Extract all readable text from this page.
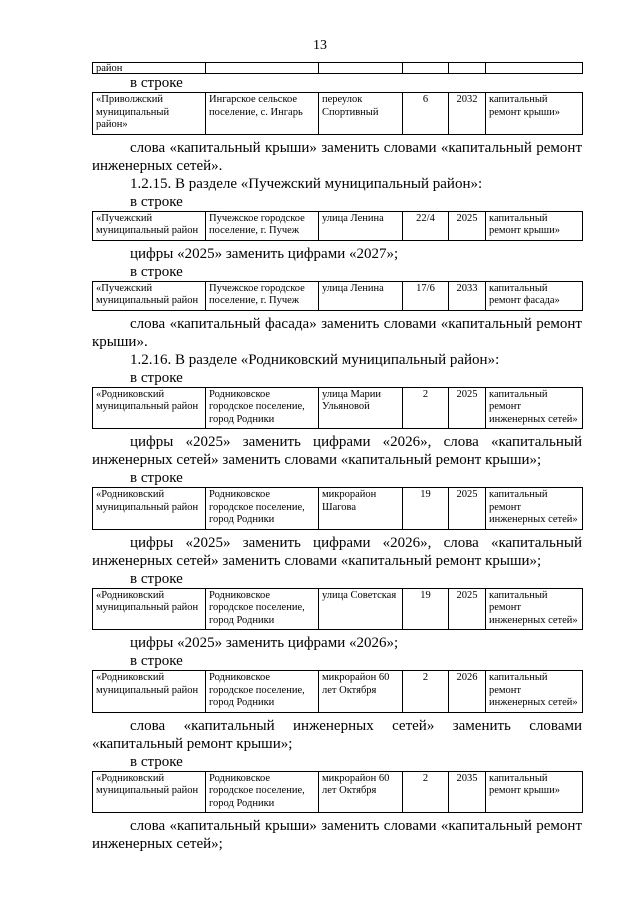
13
район					
в строке
«Приволжский муниципальный район»	Ингарское сельское поселение, с. Ингарь	переулок Спортивный	6	2032	капитальный ремонт крыши»
слова «капитальный крыши» заменить словами «капитальный ремонт
инженерных сетей».
1.2.15. В разделе «Пучежский муниципальный район»:
в строке
«Пучежский муниципальный район	Пучежское городское поселение, г. Пучеж	улица Ленина	22/4	2025	капитальный ремонт крыши»
цифры «2025» заменить цифрами «2027»;
в строке
«Пучежский муниципальный район	Пучежское городское поселение, г. Пучеж	улица Ленина	17/6	2033	капитальный ремонт фасада»
слова «капитальный фасада» заменить словами «капитальный ремонт
крыши».
1.2.16. В разделе «Родниковский муниципальный район»:
в строке
«Родниковский муниципальный район	Родниковское городское поселение, город Родники	улица Марии Ульяновой	2	2025	капитальный ремонт инженерных сетей»
цифры «2025» заменить цифрами «2026», слова «капитальный
инженерных сетей» заменить словами «капитальный ремонт крыши»;
в строке
«Родниковский муниципальный район	Родниковское городское поселение, город Родники	микрорайон Шагова	19	2025	капитальный ремонт инженерных сетей»
цифры «2025» заменить цифрами «2026», слова «капитальный
инженерных сетей» заменить словами «капитальный ремонт крыши»;
в строке
«Родниковский муниципальный район	Родниковское городское поселение, город Родники	улица Советская	19	2025	капитальный ремонт инженерных сетей»
цифры «2025» заменить цифрами «2026»;
в строке
«Родниковский муниципальный район	Родниковское городское поселение, город Родники	микрорайон 60 лет Октября	2	2026	капитальный ремонт инженерных сетей»
слова «капитальный инженерных сетей» заменить словами
«капитальный ремонт крыши»;
в строке
«Родниковский муниципальный район	Родниковское городское поселение, город Родники	микрорайон 60 лет Октября	2	2035	капитальный ремонт крыши»
слова «капитальный крыши» заменить словами «капитальный ремонт
инженерных сетей»;
